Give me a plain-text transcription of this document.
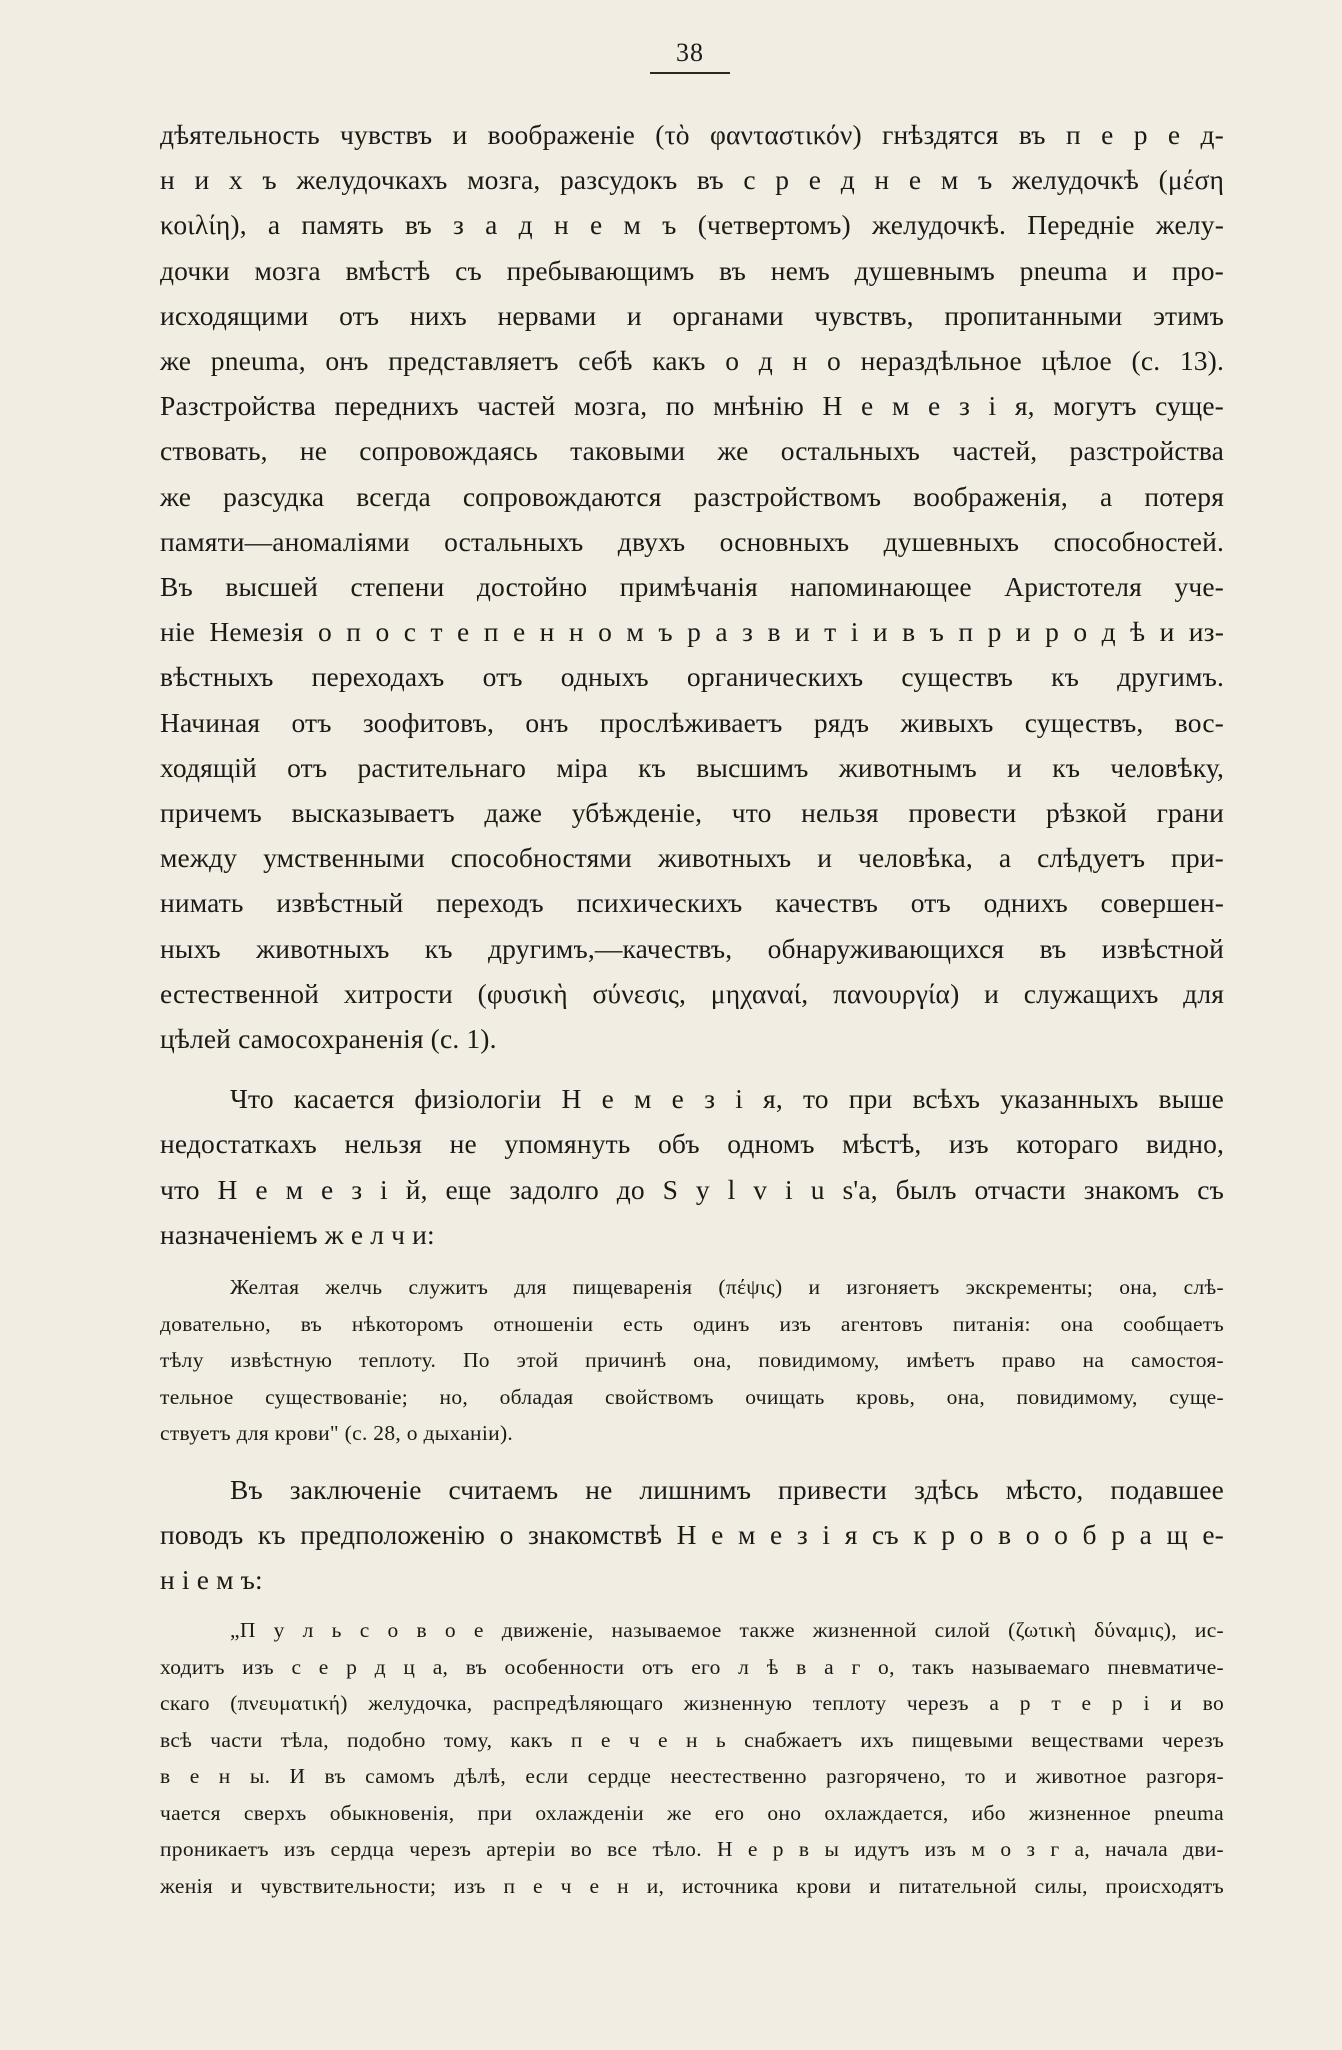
38

дѣятельность чувствъ и воображенiе (τὸ φανταστικόν) гнѣздятся въ п е р е д-

н и х ъ желудочкахъ мозга, разсудокъ въ с р е д н е м ъ желудочкѣ (μέση

κοιλίη), а память въ з а д н е м ъ (четвертомъ) желудочкѣ. Переднiе желу-

дочки мозга вмѣстѣ съ пребывающимъ въ немъ душевнымъ pneuma и про-

исходящими отъ нихъ нервами и органами чувствъ, пропитанными этимъ

же pneuma, онъ представляетъ себѣ какъ о д н о нераздѣльное цѣлое (с. 13).

Разстройства переднихъ частей мозга, по мнѣнiю Н е м е з i я, могутъ суще-

ствовать, не сопровождаясь таковыми же остальныхъ частей, разстройства

же разсудка всегда сопровождаются разстройствомъ воображенiя, а потеря

памяти—аномалiями остальныхъ двухъ основныхъ душевныхъ способностей.

Въ высшей степени достойно примѣчанiя напоминающее Аристотеля уче-

нiе Немезiя о п о с т е п е н н о м ъ р а з в и т i и в ъ п р и р о д ѣ и из-

вѣстныхъ переходахъ отъ одныхъ органическихъ существъ къ другимъ.

Начиная отъ зоофитовъ, онъ прослѣживаетъ рядъ живыхъ существъ, вос-

ходящiй отъ растительнаго мiра къ высшимъ животнымъ и къ человѣку,

причемъ высказываетъ даже убѣжденiе, что нельзя провести рѣзкой грани

между умственными способностями животныхъ и человѣка, а слѣдуетъ при-

нимать извѣстный переходъ психическихъ качествъ отъ однихъ совершен-

ныхъ животныхъ къ другимъ,—качествъ, обнаруживающихся въ извѣстной

естественной хитрости (φυσικὴ σύνεσις, μηχαναί, πανουργία) и служащихъ для

цѣлей самосохраненiя (с. 1).

Что касается физiологiи Н е м е з i я, то при всѣхъ указанныхъ выше

недостаткахъ нельзя не упомянуть объ одномъ мѣстѣ, изъ котораго видно,

что Н е м е з i й, еще задолго до S y l v i u s'а, былъ отчасти знакомъ съ

назначенiемъ ж е л ч и:

Желтая желчь служитъ для пищеваренiя (πέψις) и изгоняетъ экскременты; она, слѣ-

довательно, въ нѣкоторомъ отношенiи есть одинъ изъ агентовъ питанiя: она сообщаетъ

тѣлу извѣстную теплоту. По этой причинѣ она, повидимому, имѣетъ право на самостоя-

тельное существованiе; но, обладая свойствомъ очищать кровь, она, повидимому, суще-

ствуетъ для крови" (с. 28, о дыханiи).

Въ заключенiе считаемъ не лишнимъ привести здѣсь мѣсто, подавшее

поводъ къ предположенiю о знакомствѣ Н е м е з i я съ к р о в о о б р а щ е-

н i е м ъ:

„П у л ь с о в о е движенiе, называемое также жизненной силой (ζωτικὴ δύναμις), ис-

ходитъ изъ с е р д ц а, въ особенности отъ его л ѣ в а г о, такъ называемаго пневматиче-

скаго (πνευματική) желудочка, распредѣляющаго жизненную теплоту черезъ а р т е р i и во

всѣ части тѣла, подобно тому, какъ п е ч е н ь снабжаетъ ихъ пищевыми веществами черезъ

в е н ы. И въ самомъ дѣлѣ, если сердце неестественно разгорячено, то и животное разгоря-

чается сверхъ обыкновенiя, при охлажденiи же его оно охлаждается, ибо жизненное pneuma

проникаетъ изъ сердца черезъ артерiи во все тѣло. Н е р в ы идутъ изъ м о з г а, начала дви-

женiя и чувствительности; изъ п е ч е н и, источника крови и питательной силы, происходятъ
